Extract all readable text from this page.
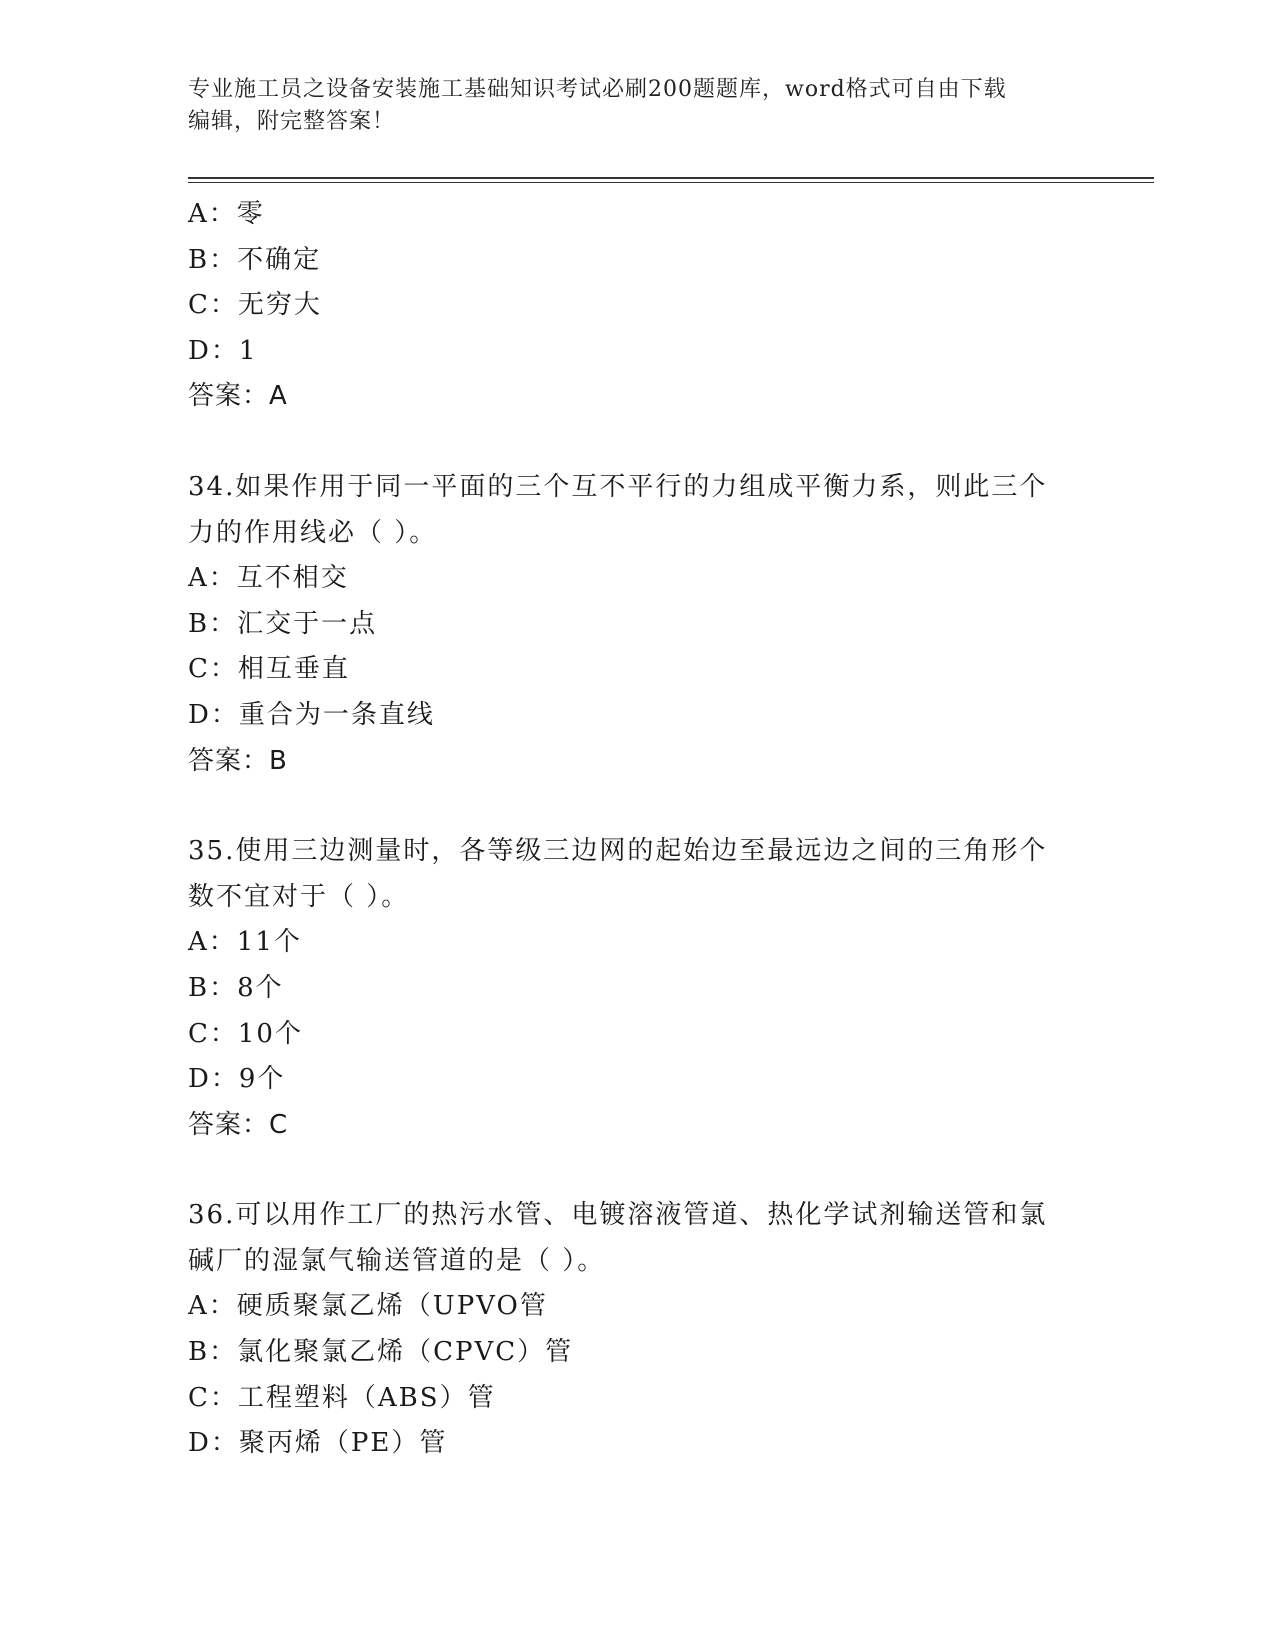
专业施工员之设备安装施工基础知识考试必刷200题题库，word格式可自由下载
编辑，附完整答案！
A：零
B：不确定
C：无穷大
D：1
答案：A
34.如果作用于同一平面的三个互不平行的力组成平衡力系，则此三个
力的作用线必（ ）。
A：互不相交
B：汇交于一点
C：相互垂直
D：重合为一条直线
答案：B
35.使用三边测量时，各等级三边网的起始边至最远边之间的三角形个
数不宜对于（ ）。
A：11个
B：8个
C：10个
D：9个
答案：C
36.可以用作工厂的热污水管、电镀溶液管道、热化学试剂输送管和氯
碱厂的湿氯气输送管道的是（ ）。
A：硬质聚氯乙烯（UPVO管
B：氯化聚氯乙烯（CPVC）管
C：工程塑料（ABS）管
D：聚丙烯（PE）管
